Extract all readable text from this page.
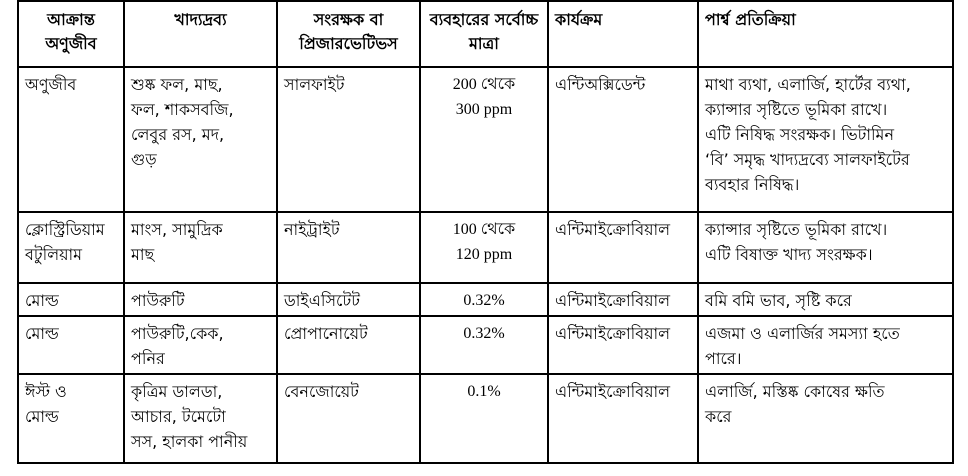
আক্রান্ত অণুজীব	খাদ্যদ্রব্য	সংরক্ষক বা প্রিজারভেটিভস	ব্যবহারের সর্বোচ্চ মাত্রা	কার্যক্রম	পার্শ্ব প্রতিক্রিয়া

অণুজীব	শুষ্ক ফল, মাছ,
ফল, শাকসবজি,
লেবুর রস, মদ,
গুড়	সালফাইট	200 থেকে
300 ppm	এন্টিঅক্সিডেন্ট	মাথা ব্যথা, এলার্জি, হার্টের ব্যথা,
ক্যান্সার সৃষ্টিতে ভূমিকা রাখে।
এটি নিষিদ্ধ সংরক্ষক। ভিটামিন
‘বি’ সমৃদ্ধ খাদ্যদ্রব্যে সালফাইটের
ব্যবহার নিষিদ্ধ।

ক্লোস্ট্রিডিয়াম
বটুলিয়াম	মাংস, সামুদ্রিক
মাছ	নাইট্রাইট	100 থেকে
120 ppm	এন্টিমাইক্রোবিয়াল	ক্যান্সার সৃষ্টিতে ভূমিকা রাখে।
এটি বিষাক্ত খাদ্য সংরক্ষক।

মোল্ড	পাউরুটি	ডাইএসিটেট	0.32%	এন্টিমাইক্রোবিয়াল	বমি বমি ভাব, সৃষ্টি করে

মোল্ড	পাউরুটি,কেক,
পনির	প্রোপানোয়েট	0.32%	এন্টিমাইক্রোবিয়াল	এজমা ও এলার্জির সমস্যা হতে
পারে।

ঈস্ট ও
মোল্ড	কৃত্রিম ডালডা,
আচার, টমেটো
সস, হালকা পানীয়	বেনজোয়েট	0.1%	এন্টিমাইক্রোবিয়াল	এলার্জি, মস্তিষ্ক কোষের ক্ষতি
করে
